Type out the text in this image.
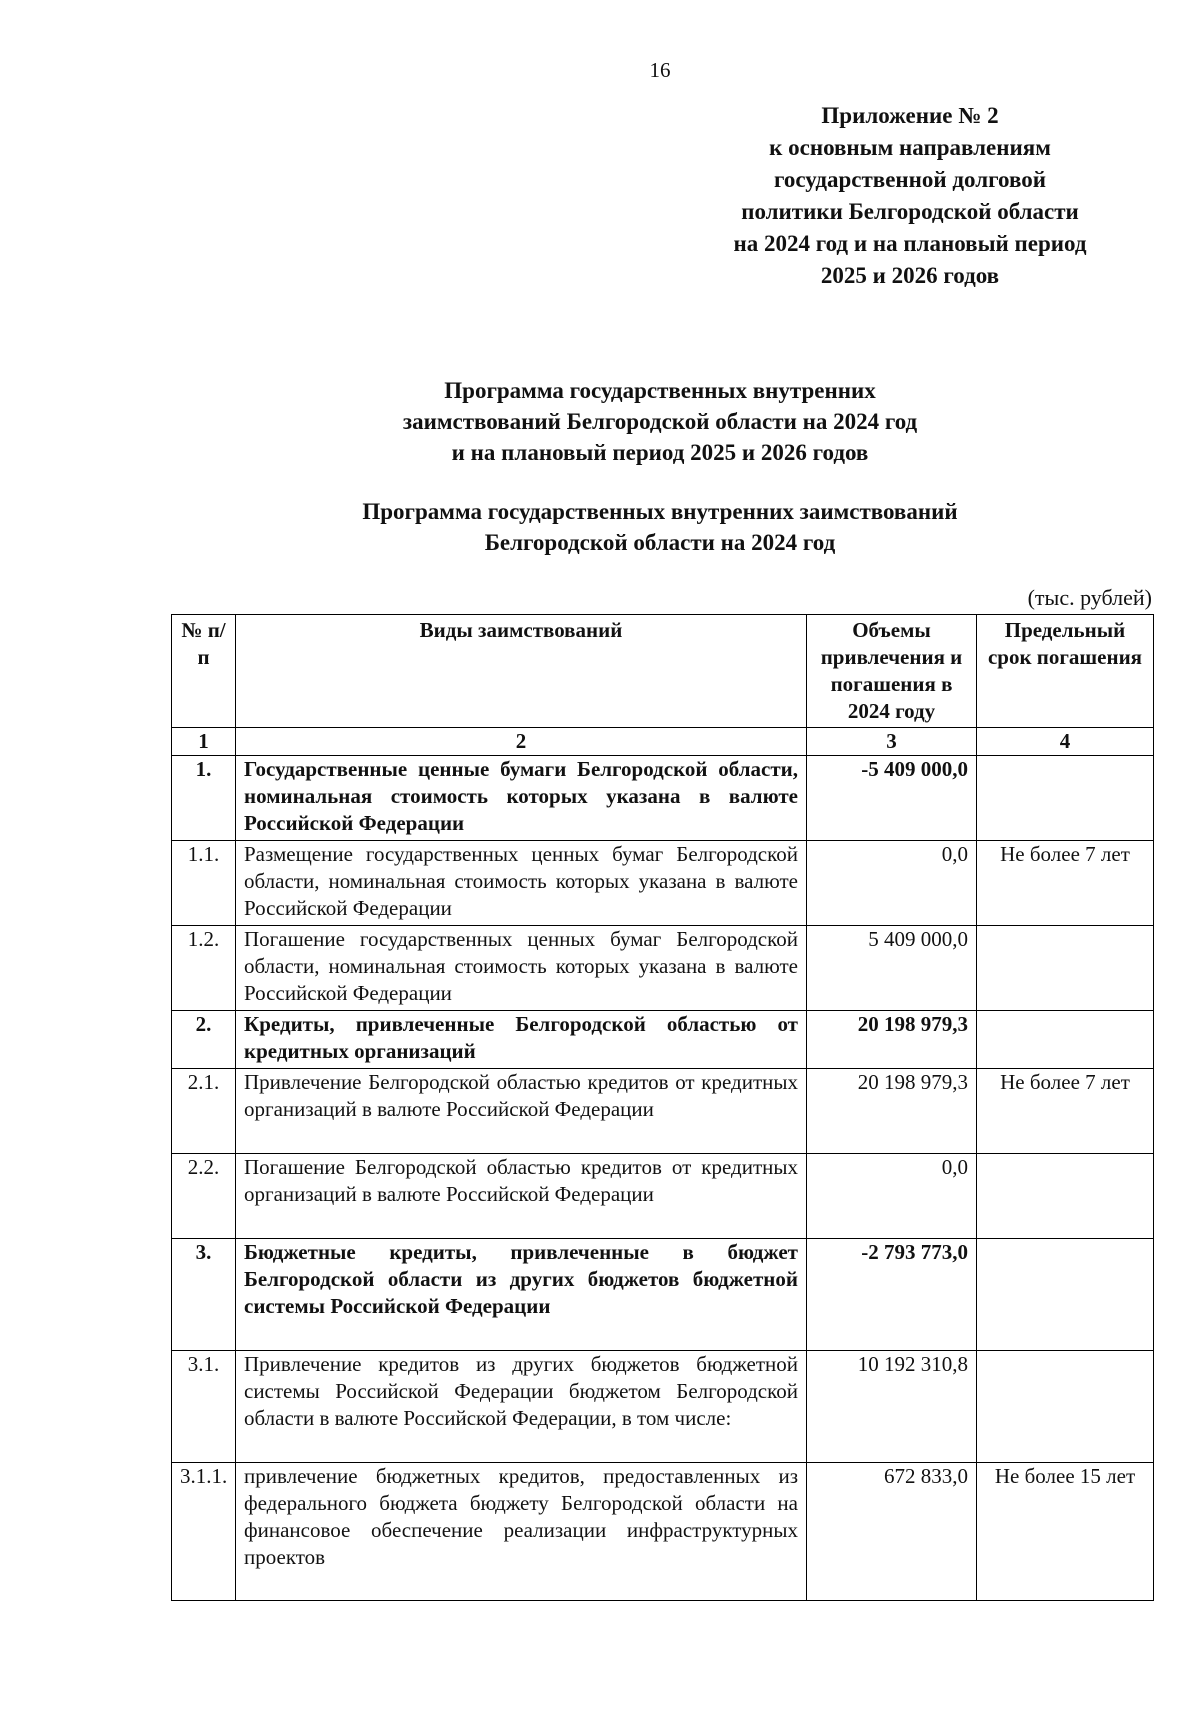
16
Приложение № 2
к основным направлениям
государственной долговой
политики Белгородской области
на 2024 год и на плановый период
2025 и 2026 годов
Программа государственных внутренних
заимствований Белгородской области на 2024 год
и на плановый период 2025 и 2026 годов
Программа государственных внутренних заимствований
Белгородской области на 2024 год
(тыс. рублей)
№ п/п	Виды заимствований	Объемы привлечения и погашения в 2024 году	Предельный срок погашения
1	2	3	4
1.	Государственные ценные бумаги Белгородской области, номинальная стоимость которых указана в валюте Российской Федерации	-5 409 000,0	
1.1.	Размещение государственных ценных бумаг Белгородской области, номинальная стоимость которых указана в валюте Российской Федерации	0,0	Не более 7 лет
1.2.	Погашение государственных ценных бумаг Белгородской области, номинальная стоимость которых указана в валюте Российской Федерации	5 409 000,0	
2.	Кредиты, привлеченные Белгородской областью от кредитных организаций	20 198 979,3	
2.1.	Привлечение Белгородской областью кредитов от кредитных организаций в валюте Российской Федерации	20 198 979,3	Не более 7 лет
2.2.	Погашение Белгородской областью кредитов от кредитных организаций в валюте Российской Федерации	0,0	
3.	Бюджетные кредиты, привлеченные в бюджет Белгородской области из других бюджетов бюджетной системы Российской Федерации	-2 793 773,0	
3.1.	Привлечение кредитов из других бюджетов бюджетной системы Российской Федерации бюджетом Белгородской области в валюте Российской Федерации, в том числе:	10 192 310,8	
3.1.1.	привлечение бюджетных кредитов, предоставленных из федерального бюджета бюджету Белгородской области на финансовое обеспечение реализации инфраструктурных проектов	672 833,0	Не более 15 лет
